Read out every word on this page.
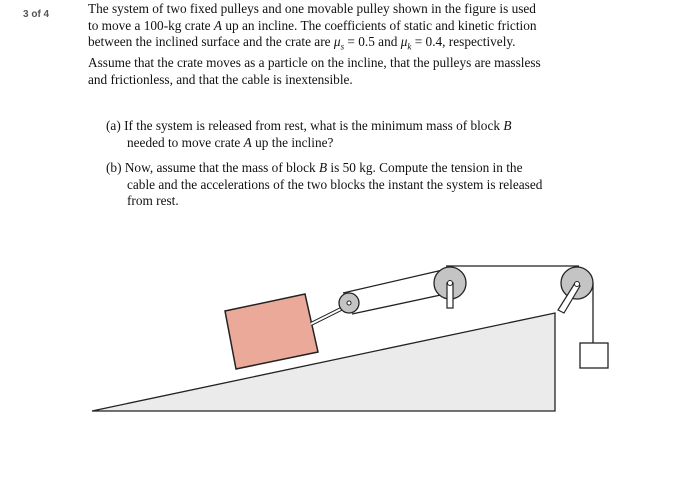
3 of 4	The system of two fixed pulleys and one movable pulley shown in the figure is used
to move a 100-kg crate A up an incline. The coefficients of static and kinetic friction
between the inclined surface and the crate are $\mu_s = 0.5$ and $\mu_k = 0.4$, respectively.
Assume that the crate moves as a particle on the incline, that the pulleys are massless
and frictionless, and that the cable is inextensible.
(a) If the system is released from rest, what is the minimum mass of block B
needed to move crate A up the incline?
(b) Now, assume that the mass of block B is 50 kg. Compute the tension in the
cable and the accelerations of the two blocks the instant the system is released
from rest.
